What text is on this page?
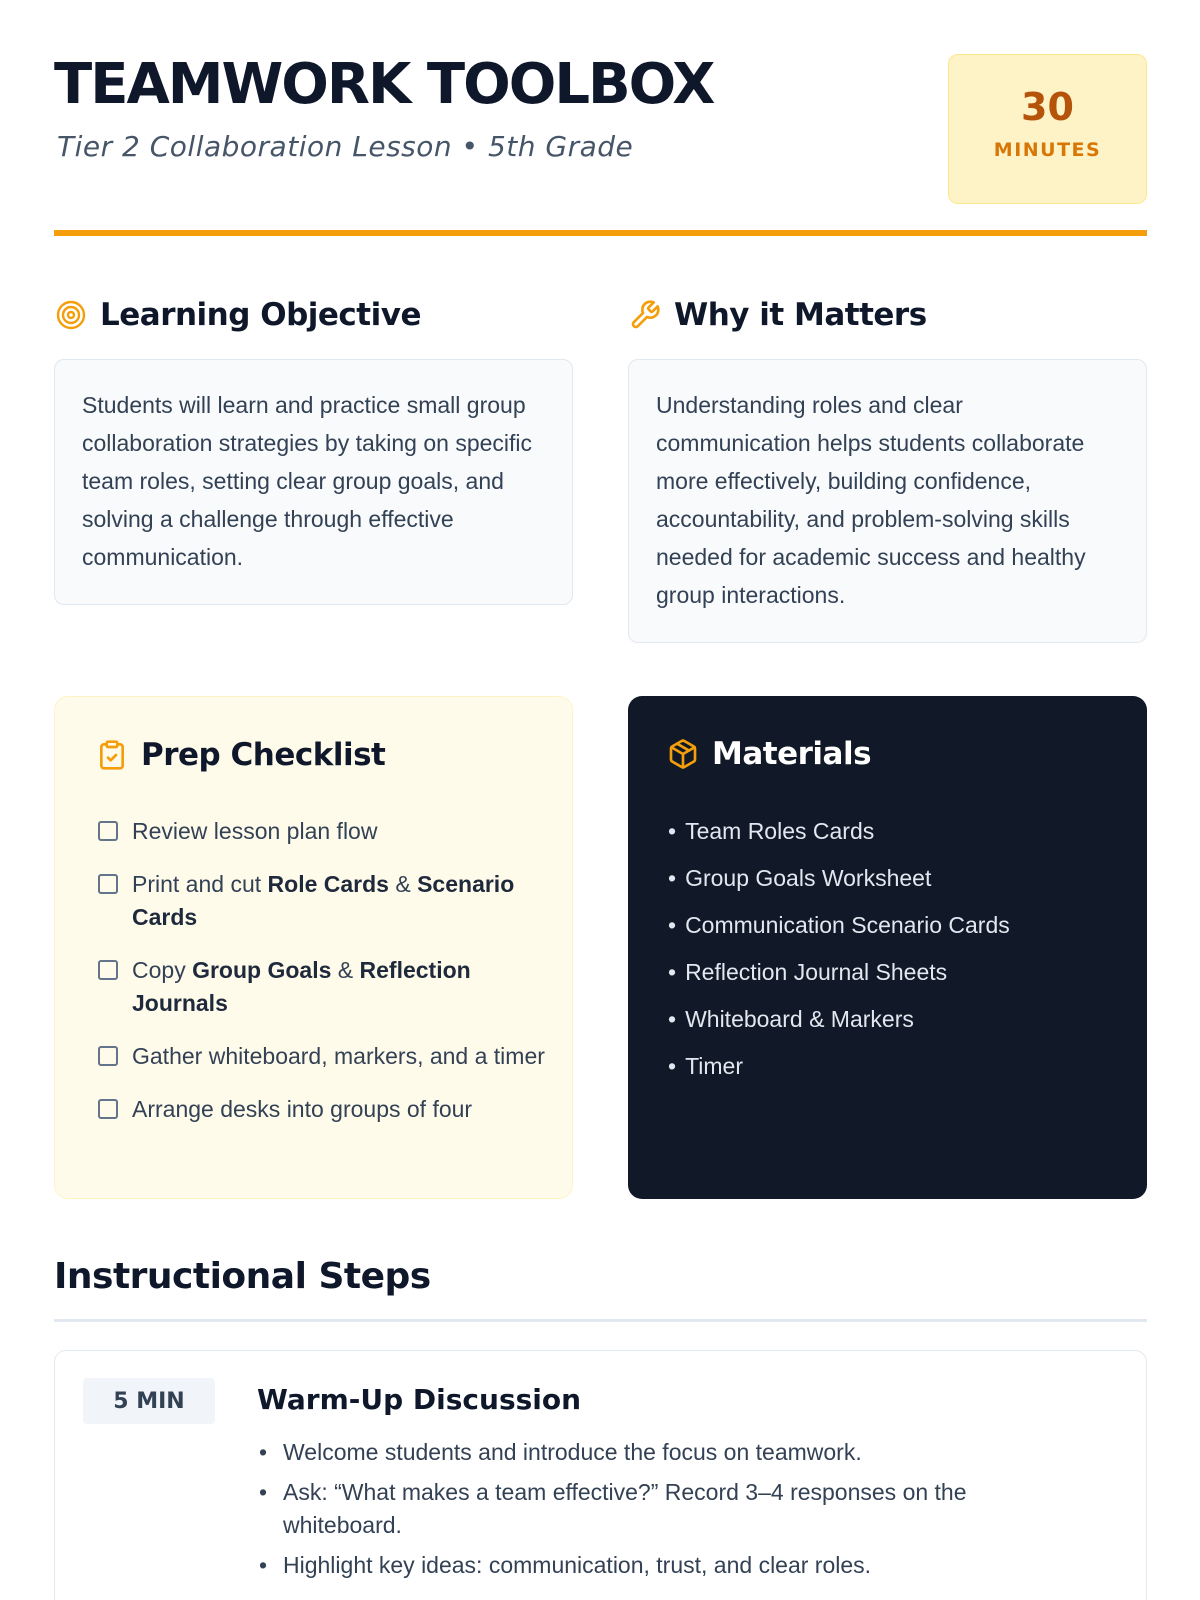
TEAMWORK TOOLBOX
Tier 2 Collaboration Lesson • 5th Grade
30
MINUTES
Learning Objective

Students will learn and practice small group collaboration strategies by taking on specific team roles, setting clear group goals, and solving a challenge through effective communication.

Why it Matters

Understanding roles and clear communication helps students collaborate more effectively, building confidence, accountability, and problem-solving skills needed for academic success and healthy group interactions.

Prep Checklist
Review lesson plan flow
Print and cut Role Cards & Scenario Cards
Copy Group Goals & Reflection Journals
Gather whiteboard, markers, and a timer
Arrange desks into groups of four
Materials
• Team Roles Cards
• Group Goals Worksheet
• Communication Scenario Cards
• Reflection Journal Sheets
• Whiteboard & Markers
• Timer
Instructional Steps
5 MIN	Warm-Up Discussion
• Welcome students and introduce the focus on teamwork.
• Ask: “What makes a team effective?” Record 3–4 responses on the whiteboard.
• Highlight key ideas: communication, trust, and clear roles.
